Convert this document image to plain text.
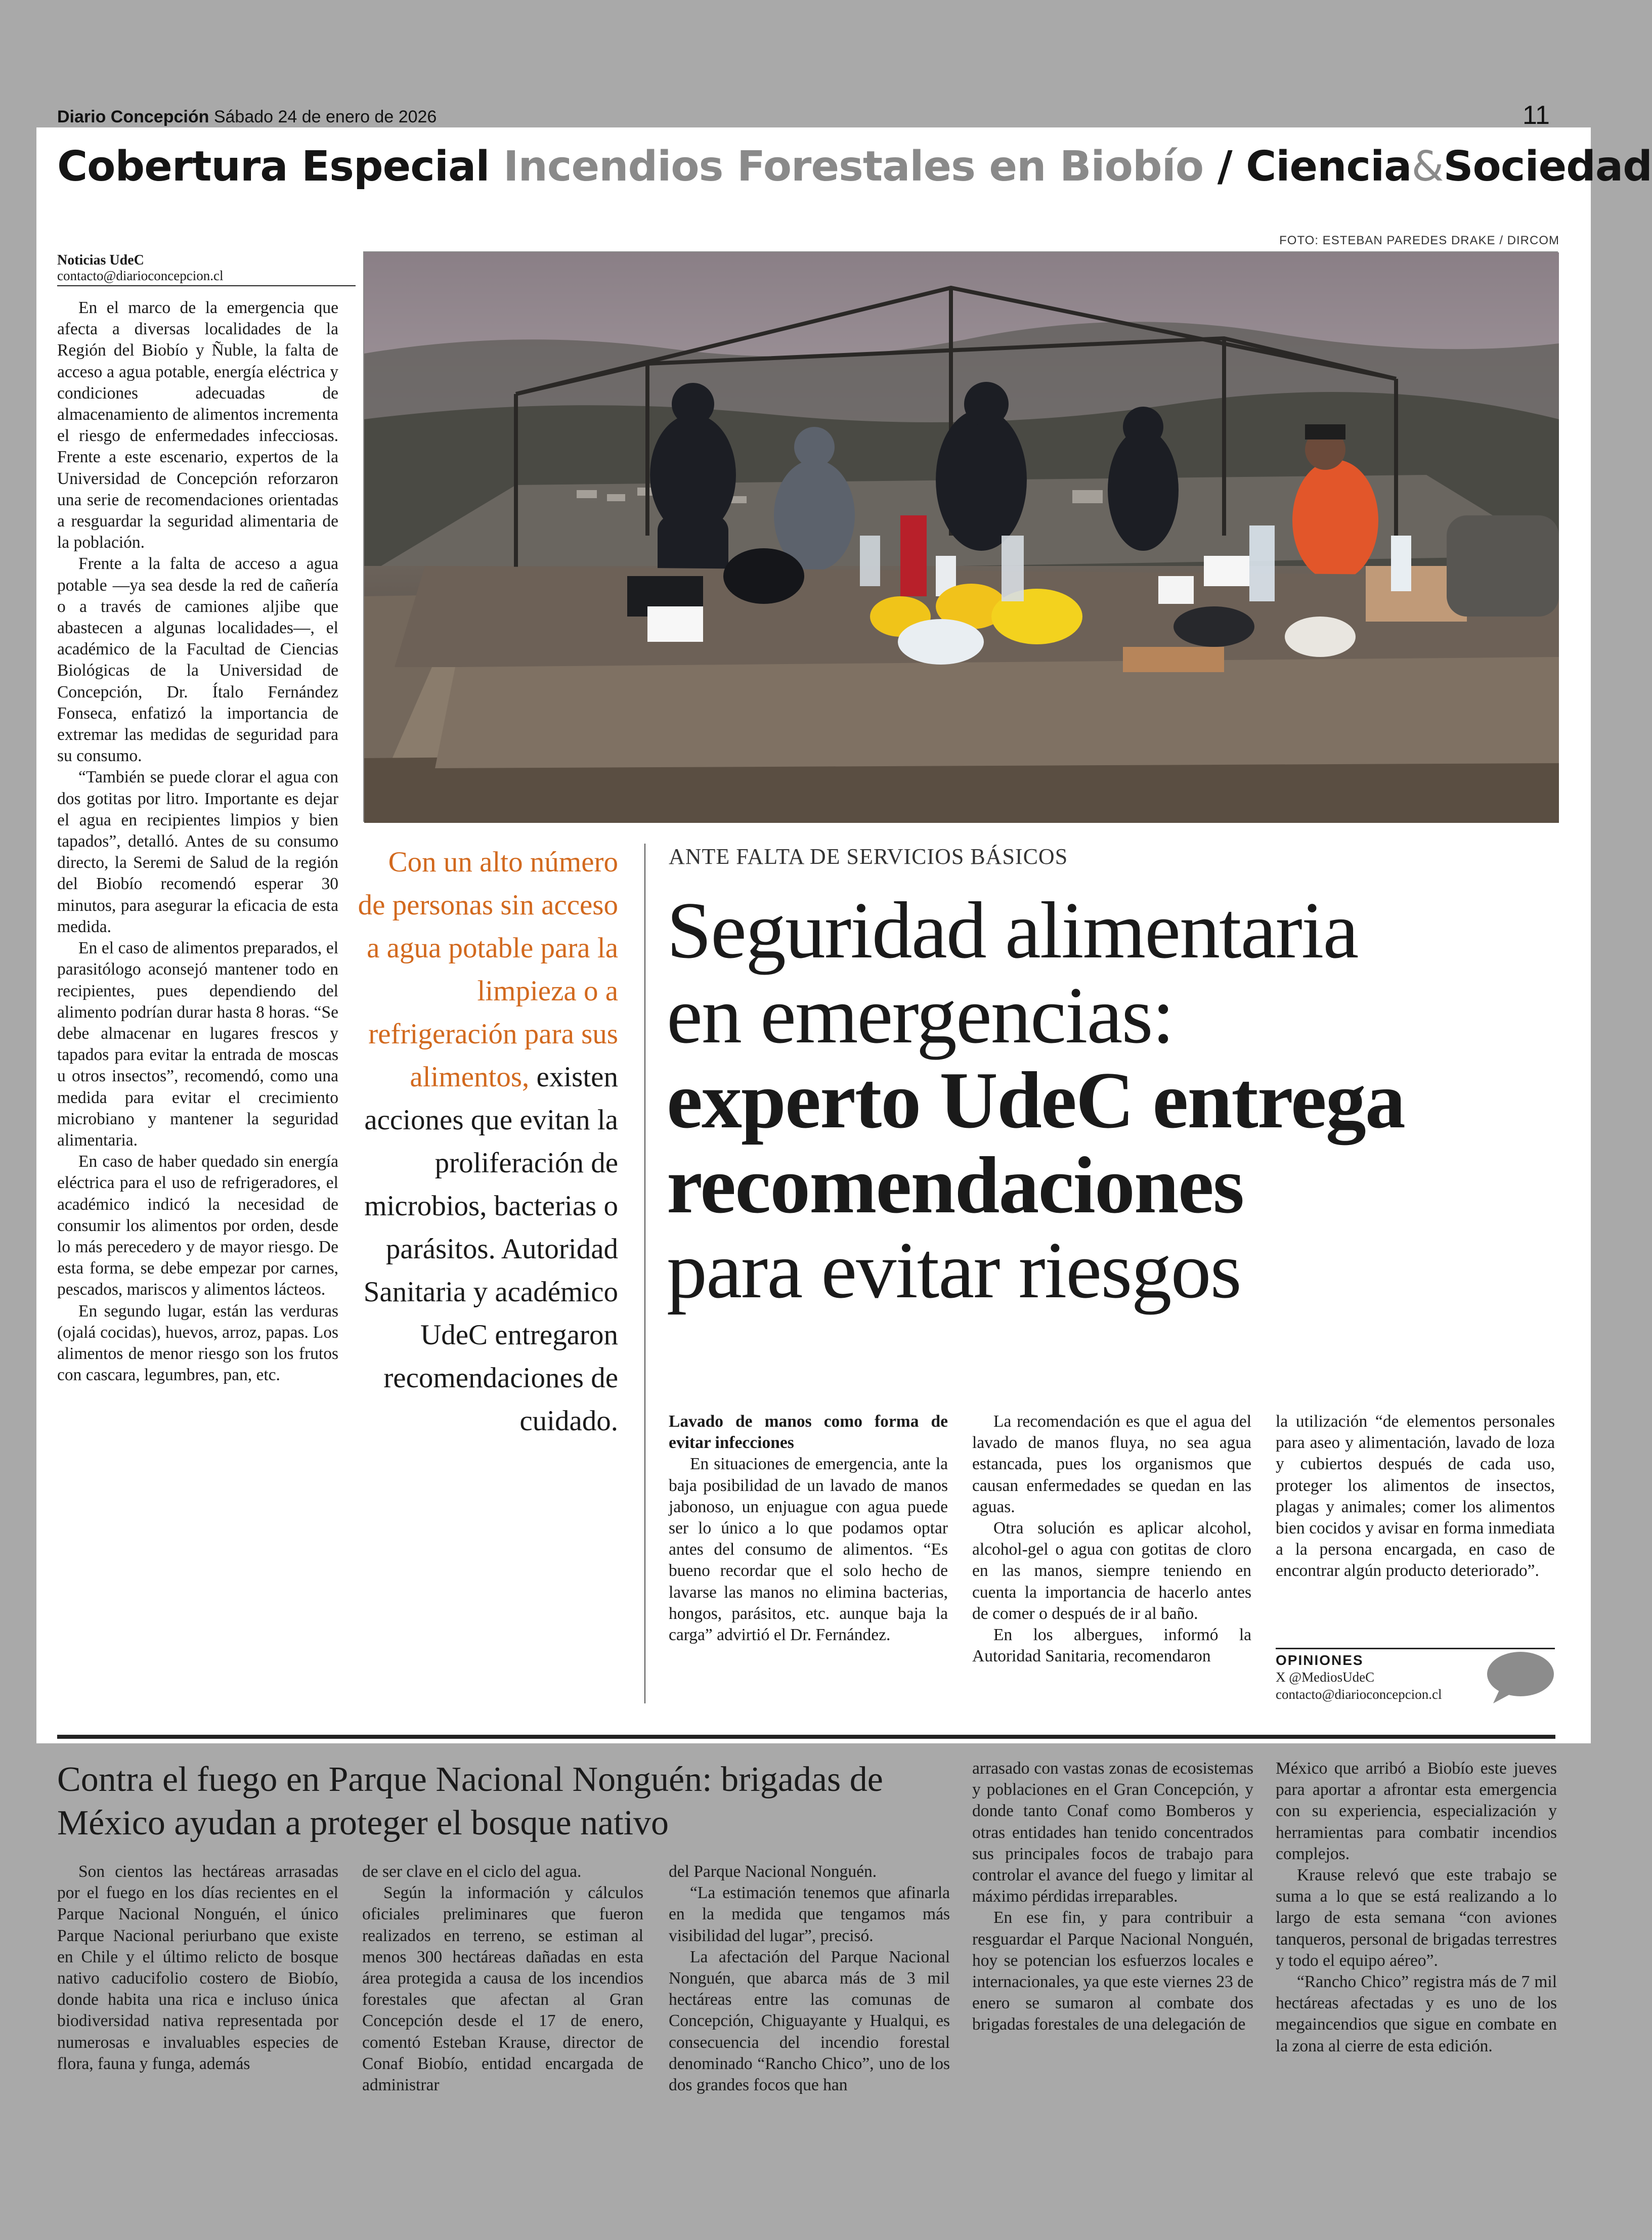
Diario Concepción Sábado 24 de enero de 2026	11
Cobertura Especial Incendios Forestales en Biobío / Ciencia&Sociedad
FOTO: ESTEBAN PAREDES DRAKE / DIRCOM
Noticias UdeC
contacto@diarioconcepcion.cl

En el marco de la emergencia que afecta a diversas localidades de la Región del Biobío y Ñuble, la falta de acceso a agua potable, energía eléctrica y condiciones adecuadas de almacenamiento de alimentos incrementa el riesgo de enfermedades infecciosas. Frente a este escenario, expertos de la Universidad de Concepción reforzaron una serie de recomendaciones orientadas a resguardar la seguridad alimentaria de la población.

Frente a la falta de acceso a agua potable —ya sea desde la red de cañería o a través de camiones aljibe que abastecen a algunas localidades—, el académico de la Facultad de Ciencias Biológicas de la Universidad de Concepción, Dr. Ítalo Fernández Fonseca, enfatizó la importancia de extremar las medidas de seguridad para su consumo.

“También se puede clorar el agua con dos gotitas por litro. Importante es dejar el agua en recipientes limpios y bien tapados”, detalló. Antes de su consumo directo, la Seremi de Salud de la región del Biobío recomendó esperar 30 minutos, para asegurar la eficacia de esta medida.

En el caso de alimentos preparados, el parasitólogo aconsejó mantener todo en recipientes, pues dependiendo del alimento podrían durar hasta 8 horas. “Se debe almacenar en lugares frescos y tapados para evitar la entrada de moscas u otros insectos”, recomendó, como una medida para evitar el crecimiento microbiano y mantener la seguridad alimentaria.

En caso de haber quedado sin energía eléctrica para el uso de refrigeradores, el académico indicó la necesidad de consumir los alimentos por orden, desde lo más perecedero y de mayor riesgo. De esta forma, se debe empezar por carnes, pescados, mariscos y alimentos lácteos.

En segundo lugar, están las verduras (ojalá cocidas), huevos, arroz, papas. Los alimentos de menor riesgo son los frutos con cascara, legumbres, pan, etc.

Con un alto número de personas sin acceso a agua potable para la limpieza o a refrigeración para sus alimentos, existen acciones que evitan la proliferación de microbios, bacterias o parásitos. Autoridad Sanitaria y académico UdeC entregaron recomendaciones de cuidado.
ANTE FALTA DE SERVICIOS BÁSICOS
Seguridad alimentaria
en emergencias:
experto UdeC entrega
recomendaciones
para evitar riesgos
Lavado de manos como forma de evitar infecciones

En situaciones de emergencia, ante la baja posibilidad de un lavado de manos jabonoso, un enjuague con agua puede ser lo único a lo que podamos optar antes del consumo de alimentos. “Es bueno recordar que el solo hecho de lavarse las manos no elimina bacterias, hongos, parásitos, etc. aunque baja la carga” advirtió el Dr. Fernández.

La recomendación es que el agua del lavado de manos fluya, no sea agua estancada, pues los organismos que causan enfermedades se quedan en las aguas.

Otra solución es aplicar alcohol, alcohol-gel o agua con gotitas de cloro en las manos, siempre teniendo en cuenta la importancia de hacerlo antes de comer o después de ir al baño.

En los albergues, informó la Autoridad Sanitaria, recomendaron

la utilización “de elementos personales para aseo y alimentación, lavado de loza y cubiertos después de cada uso, proteger los alimentos de insectos, plagas y animales; comer los alimentos bien cocidos y avisar en forma inmediata a la persona encargada, en caso de encontrar algún producto deteriorado”.

OPINIONES
X @MediosUdeC
contacto@diarioconcepcion.cl
Contra el fuego en Parque Nacional Nonguén: brigadas de México ayudan a proteger el bosque nativo

Son cientos las hectáreas arrasadas por el fuego en los días recientes en el Parque Nacional Nonguén, el único Parque Nacional periurbano que existe en Chile y el último relicto de bosque nativo caducifolio costero de Biobío, donde habita una rica e incluso única biodiversidad nativa representada por numerosas e invaluables especies de flora, fauna y funga, además

de ser clave en el ciclo del agua.

Según la información y cálculos oficiales preliminares que fueron realizados en terreno, se estiman al menos 300 hectáreas dañadas en esta área protegida a causa de los incendios forestales que afectan al Gran Concepción desde el 17 de enero, comentó Esteban Krause, director de Conaf Biobío, entidad encargada de administrar

del Parque Nacional Nonguén.

“La estimación tenemos que afinarla en la medida que tengamos más visibilidad del lugar”, precisó.

La afectación del Parque Nacional Nonguén, que abarca más de 3 mil hectáreas entre las comunas de Concepción, Chiguayante y Hualqui, es consecuencia del incendio forestal denominado “Rancho Chico”, uno de los dos grandes focos que han

arrasado con vastas zonas de ecosistemas y poblaciones en el Gran Concepción, y donde tanto Conaf como Bomberos y otras entidades han tenido concentrados sus principales focos de trabajo para controlar el avance del fuego y limitar al máximo pérdidas irreparables.

En ese fin, y para contribuir a resguardar el Parque Nacional Nonguén, hoy se potencian los esfuerzos locales e internacionales, ya que este viernes 23 de enero se sumaron al combate dos brigadas forestales de una delegación de

México que arribó a Biobío este jueves para aportar a afrontar esta emergencia con su experiencia, especialización y herramientas para combatir incendios complejos.

Krause relevó que este trabajo se suma a lo que se está realizando a lo largo de esta semana “con aviones tanqueros, personal de brigadas terrestres y todo el equipo aéreo”.

“Rancho Chico” registra más de 7 mil hectáreas afectadas y es uno de los megaincendios que sigue en combate en la zona al cierre de esta edición.
